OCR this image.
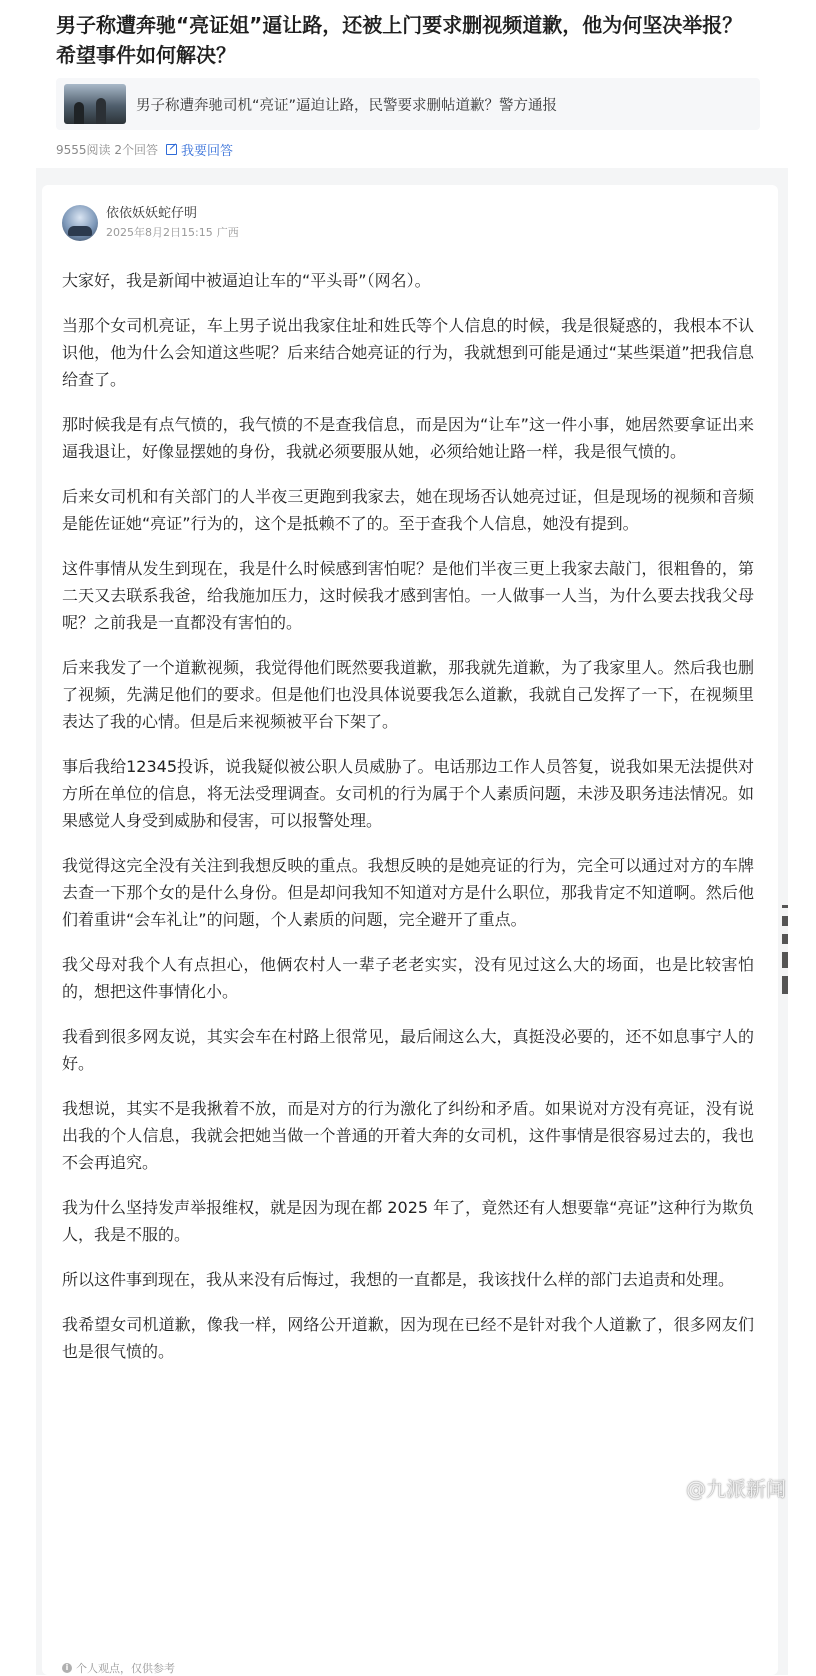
男子称遭奔驰“亮证姐”逼让路，还被上门要求删视频道歉，他为何坚决举报？希望事件如何解决？
男子称遭奔驰司机“亮证”逼迫让路，民警要求删帖道歉？警方通报
9555阅读 2个回答 我要回答
依依妖妖蛇仔明
2025年8月2日15:15 广西

大家好，我是新闻中被逼迫让车的“平头哥”（网名）。

当那个女司机亮证，车上男子说出我家住址和姓氏等个人信息的时候，我是很疑惑的，我根本不认识他，他为什么会知道这些呢？后来结合她亮证的行为，我就想到可能是通过“某些渠道”把我信息给查了。

那时候我是有点气愤的，我气愤的不是查我信息，而是因为“让车”这一件小事，她居然要拿证出来逼我退让，好像显摆她的身份，我就必须要服从她，必须给她让路一样，我是很气愤的。

后来女司机和有关部门的人半夜三更跑到我家去，她在现场否认她亮过证，但是现场的视频和音频是能佐证她“亮证”行为的，这个是抵赖不了的。至于查我个人信息，她没有提到。

这件事情从发生到现在，我是什么时候感到害怕呢？是他们半夜三更上我家去敲门，很粗鲁的，第二天又去联系我爸，给我施加压力，这时候我才感到害怕。一人做事一人当，为什么要去找我父母呢？之前我是一直都没有害怕的。

后来我发了一个道歉视频，我觉得他们既然要我道歉，那我就先道歉，为了我家里人。然后我也删了视频，先满足他们的要求。但是他们也没具体说要我怎么道歉，我就自己发挥了一下，在视频里表达了我的心情。但是后来视频被平台下架了。

事后我给12345投诉，说我疑似被公职人员威胁了。电话那边工作人员答复，说我如果无法提供对方所在单位的信息，将无法受理调查。女司机的行为属于个人素质问题，未涉及职务违法情况。如果感觉人身受到威胁和侵害，可以报警处理。

我觉得这完全没有关注到我想反映的重点。我想反映的是她亮证的行为，完全可以通过对方的车牌去查一下那个女的是什么身份。但是却问我知不知道对方是什么职位，那我肯定不知道啊。然后他们着重讲“会车礼让”的问题，个人素质的问题，完全避开了重点。

我父母对我个人有点担心，他俩农村人一辈子老老实实，没有见过这么大的场面，也是比较害怕的，想把这件事情化小。

我看到很多网友说，其实会车在村路上很常见，最后闹这么大，真挺没必要的，还不如息事宁人的好。

我想说，其实不是我揪着不放，而是对方的行为激化了纠纷和矛盾。如果说对方没有亮证，没有说出我的个人信息，我就会把她当做一个普通的开着大奔的女司机，这件事情是很容易过去的，我也不会再追究。

我为什么坚持发声举报维权，就是因为现在都 2025 年了，竟然还有人想要靠“亮证”这种行为欺负人，我是不服的。

所以这件事到现在，我从来没有后悔过，我想的一直都是，我该找什么样的部门去追责和处理。

我希望女司机道歉，像我一样，网络公开道歉，因为现在已经不是针对我个人道歉了，很多网友们也是很气愤的。

i 个人观点，仅供参考
@九派新闻
